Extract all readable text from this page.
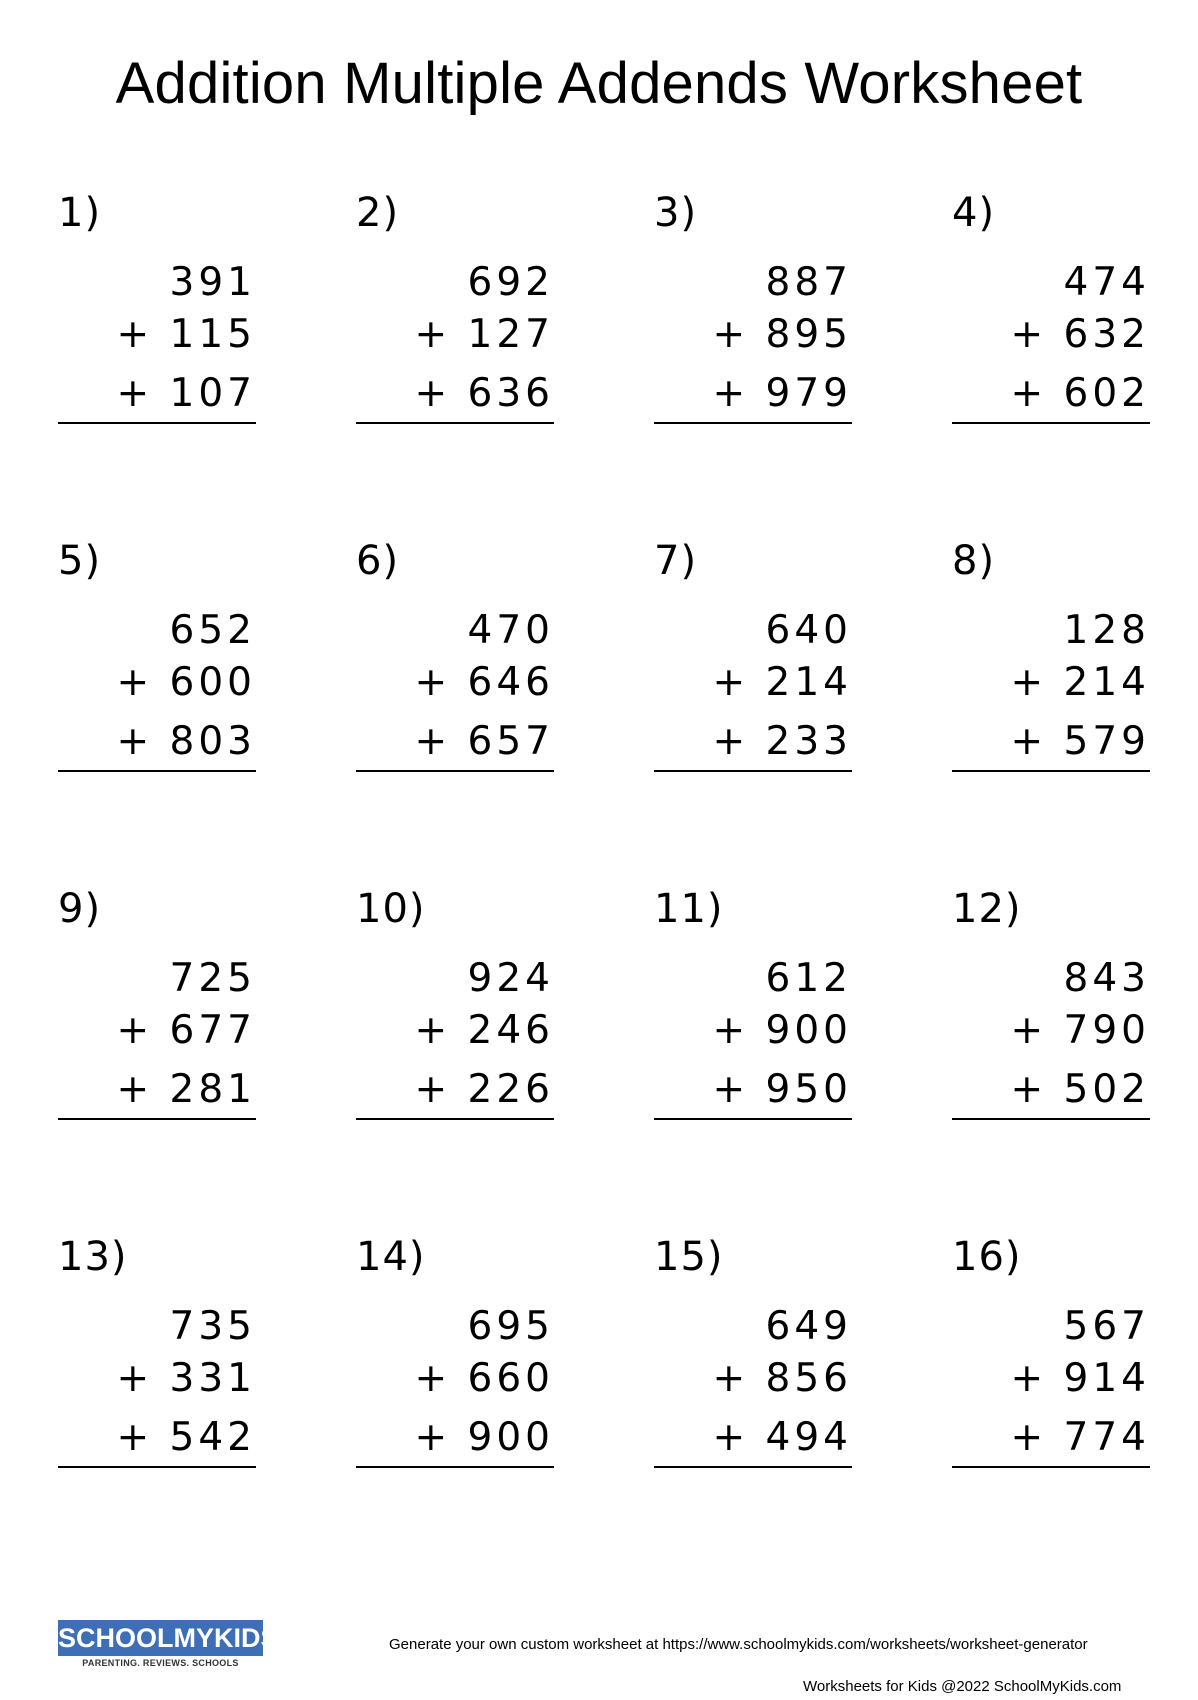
Addition Multiple Addends Worksheet
1)
391
+ 115
+ 107
2)
692
+ 127
+ 636
3)
887
+ 895
+ 979
4)
474
+ 632
+ 602
5)
652
+ 600
+ 803
6)
470
+ 646
+ 657
7)
640
+ 214
+ 233
8)
128
+ 214
+ 579
9)
725
+ 677
+ 281
10)
924
+ 246
+ 226
11)
612
+ 900
+ 950
12)
843
+ 790
+ 502
13)
735
+ 331
+ 542
14)
695
+ 660
+ 900
15)
649
+ 856
+ 494
16)
567
+ 914
+ 774
SCHOOLMYKIDS
PARENTING. REVIEWS. SCHOOLS
Generate your own custom worksheet at https://www.schoolmykids.com/worksheets/worksheet-generator
Worksheets for Kids @2022 SchoolMyKids.com
